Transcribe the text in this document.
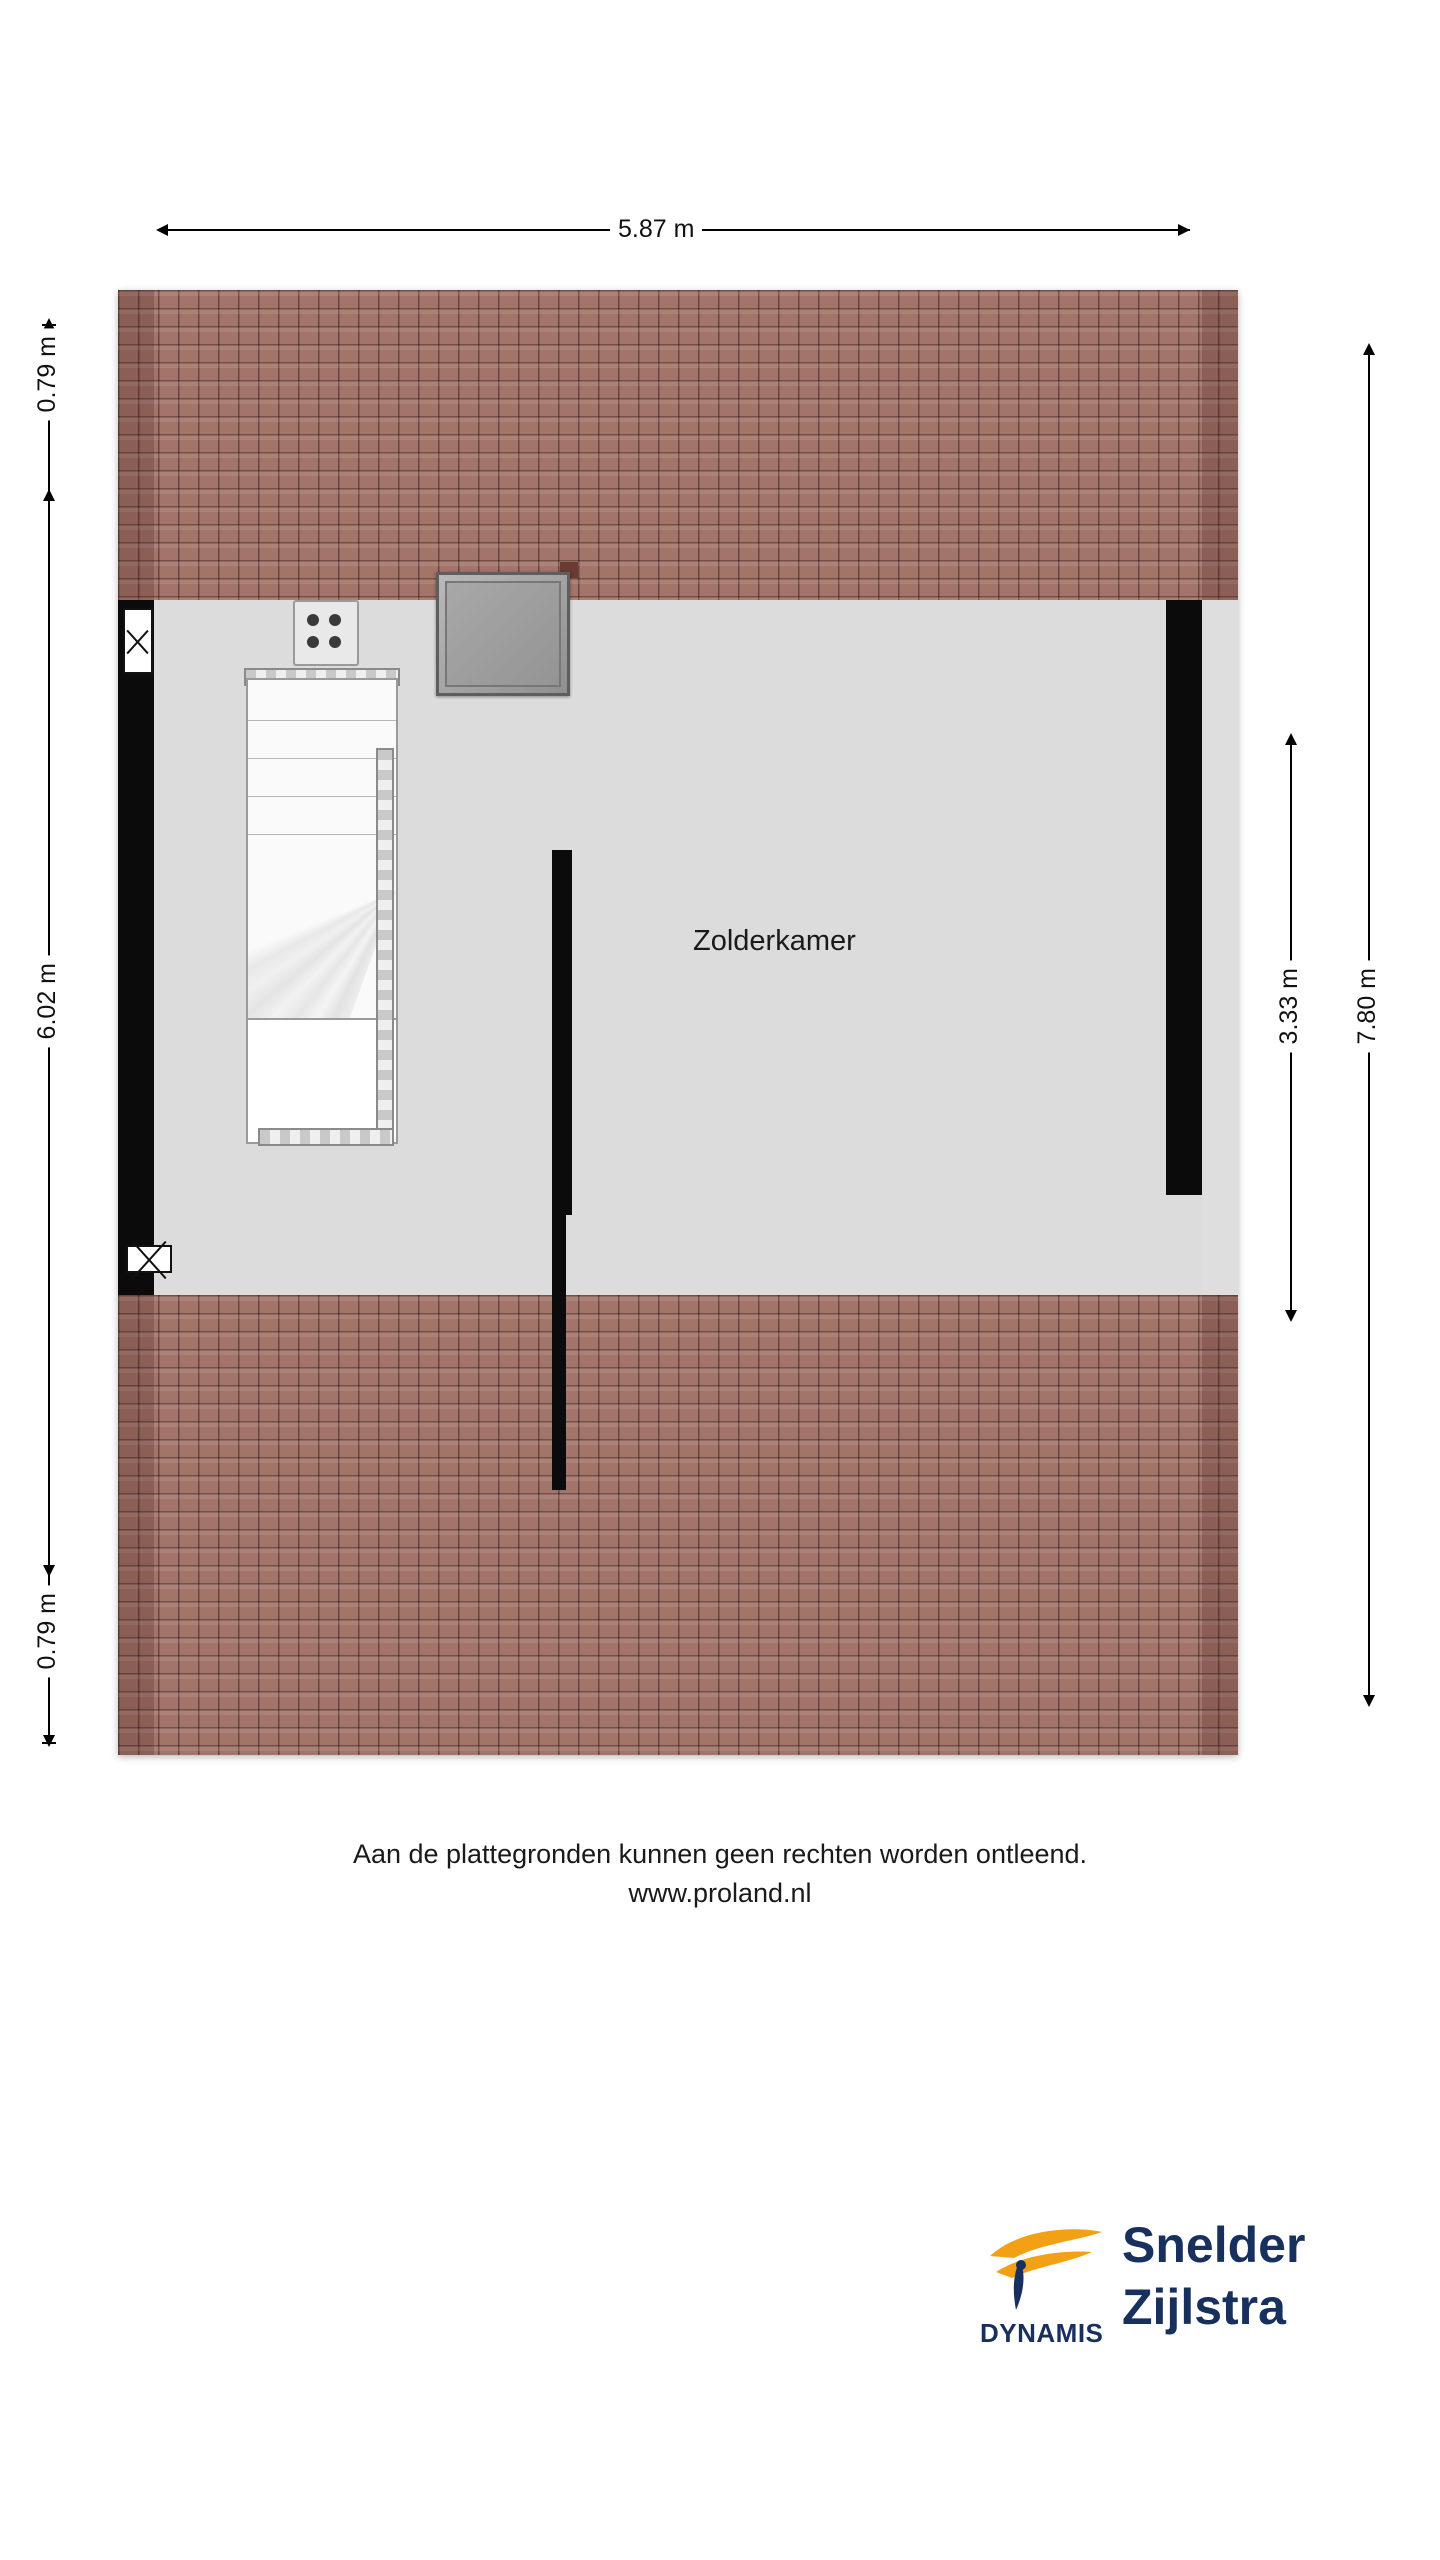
5.87 m
0.79 m
6.02 m
0.79 m
3.33 m 7.80 m
Zolderkamer
Aan de plattegronden kunnen geen rechten worden ontleend.
www.proland.nl
DYNAMIS
Snelder
Zijlstra
